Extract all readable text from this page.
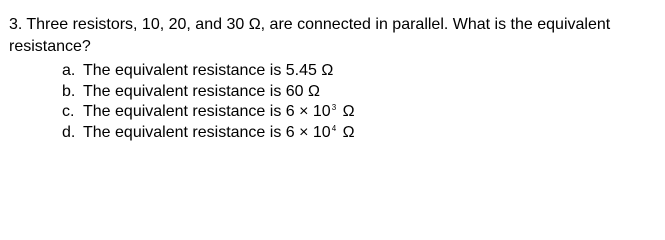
3. Three resistors, 10, 20, and 30 Ω, are connected in parallel. What is the equivalent resistance?
a. The equivalent resistance is 5.45 Ω
b. The equivalent resistance is 60 Ω
c. The equivalent resistance is $6 \times 10^3$ Ω
d. The equivalent resistance is $6 \times 10^4$ Ω
